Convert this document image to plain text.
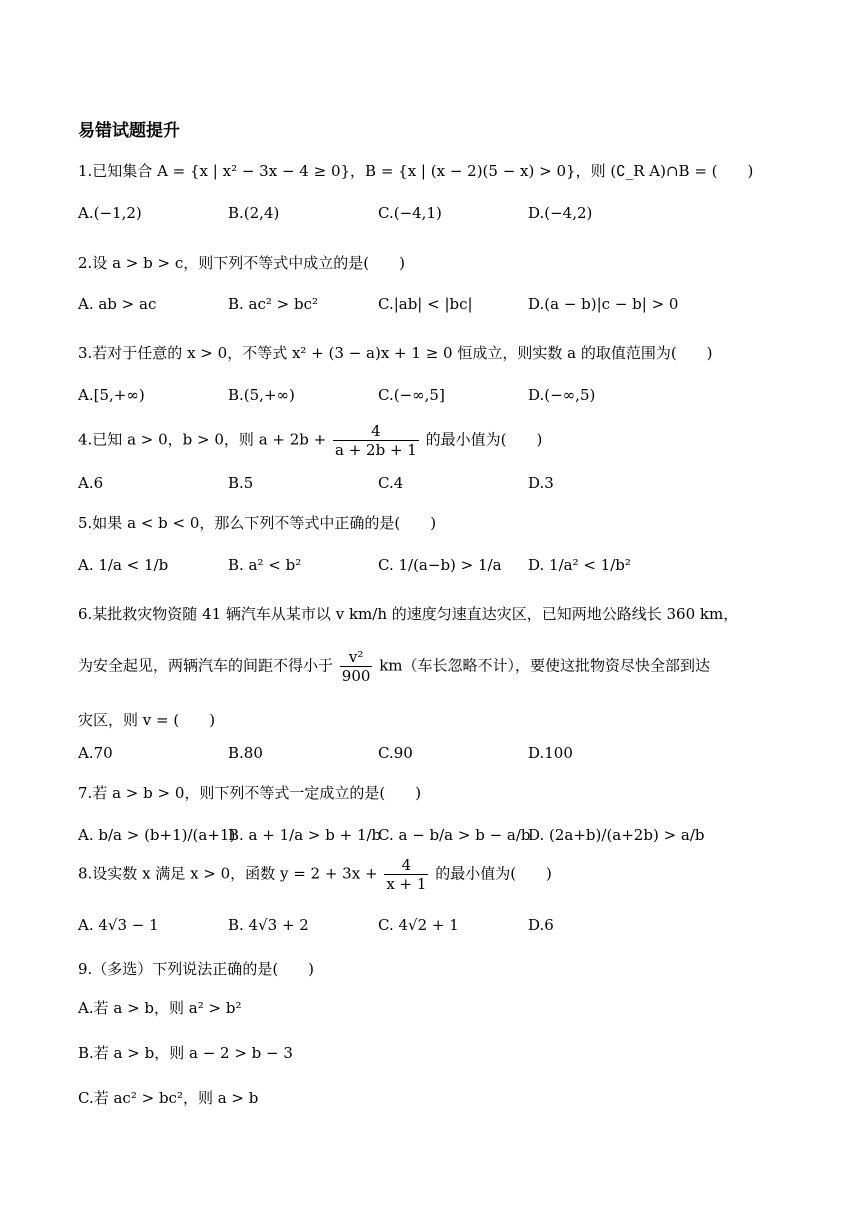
易错试题提升
1.已知集合 A = {x | x² − 3x − 4 ≥ 0}，B = {x | (x − 2)(5 − x) > 0}，则 (∁_R A)∩B = (　　)
A.(−1,2)	B.(2,4)	C.(−4,1)	D.(−4,2)
2.设 a > b > c，则下列不等式中成立的是(　　)
A. ab > ac	B. ac² > bc²	C.|ab| < |bc|	D.(a − b)|c − b| > 0
3.若对于任意的 x > 0，不等式 x² + (3 − a)x + 1 ≥ 0 恒成立，则实数 a 的取值范围为(　　)
A.[5,+∞)	B.(5,+∞)	C.(−∞,5]	D.(−∞,5)
4.已知 a > 0，b > 0，则 $a + 2b + \frac{4}{a + 2b + 1}$ 的最小值为(　　)
A.6	B.5	C.4	D.3
5.如果 a < b < 0，那么下列不等式中正确的是(　　)
A. 1/a < 1/b	B. a² < b²	C. 1/(a−b) > 1/a D. 1/a² < 1/b²
6.某批救灾物资随 41 辆汽车从某市以 v km/h 的速度匀速直达灾区，已知两地公路线长 360 km，
为安全起见，两辆汽车的间距不得小于 $\frac{\text{v²}}{900} km$（车长忽略不计），要使这批物资尽快全部到达
灾区，则 v = (　　)
A.70	B.80	C.90	D.100
7.若 a > b > 0，则下列不等式一定成立的是(　　)
A. b/a > (b+1)/(a+1)
B. a + 1/a > b + 1/b
C. a − b/a > b − a/b
D. (2a+b)/(a+2b) > a/b
8.设实数 x 满足 x > 0，函数 $y = 2 + 3x + \frac{4}{x + 1}$ 的最小值为(　　)
A. 4√3 − 1	B. 4√3 + 2	C. 4√2 + 1	D.6
9.（多选）下列说法正确的是(　　)
A.若 a > b，则 a² > b²
B.若 a > b，则 a − 2 > b − 3
C.若 ac² > bc²，则 a > b
